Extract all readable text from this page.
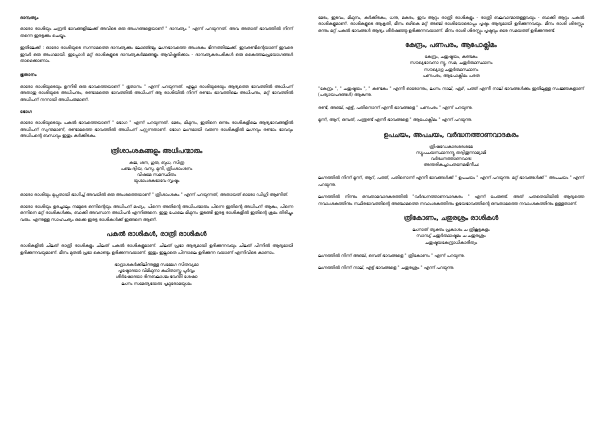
ദാമ്പത്യം

ഓരോ രാശിയും ചന്ദ്രൻ ഭാവങ്ങളിലേക്ക് അവിടെ ഒരു അംഗങ്ങളെയാണ് " ദാമ്പത്യം " എന്ന് പറയുന്നത്. അവ അതാത് ഭാവത്തിൽ നിന്ന് തന്നെ ഇരട്ടക്കും ചെയ്യും.

ഇതിലേക്ക് : ഓരോ രാശിയുടെ സന്നാമത്തെ ദാമ്പത്യക്കും ലോഞ്ഞ്ചു, ലഗ്നഭാവത്തെ അംശകം ഭിന്നത്തിലേക്ക്. ഇവരണ്ടിന്റെയാണ് ഇവരെ ഇവർ ഒരു അംഗമായി. ഇപ്പോൾ മറ്റ് രാശികളുടെ ദാമ്പത്യകർമ്മങ്ങളും ആവിഷ്കരിക്കാം - ദാമ്പത്യകരപടികൾ ഒരു കൈത്തലപ്രയോഗങ്ങൾ താഴെക്കാണാം.

ഭൂതാനം

ഓരോ രാശിയുടെയും ഉന്നിടി ഒരു ഭാവത്തെയാണ് " ഭൂതാനം " എന്ന് പറയുന്നത്. എല്ലാ രാശിയുടെയും ആദ്യത്തെ ഭാവത്തിൽ അധിപന് അതാതു രാശിയുടെ അധിപനും, രണ്ടാമത്തെ ഭാവത്തിൽ അധിപന് ആ രാശിയിൽ നിന്ന് രണ്ടാം ഭാവത്തിലെ അധിപനും, മറ്റ് ഭാവത്തിൽ അധിപന് നന്നായി അധിപരുമാണ്.

ഭോഗ

ഓരോ രാശിയുടെയും പകൽ ഭാവത്തെയാണ് " ഭോഗ " എന്ന് പറയുന്നത്. മേടം, മിഥുനം, ഇതിനെ ഒന്നും രാശികളിലെ ആദ്യഭാവങ്ങളിൽ അധിപന് സ്വന്തമാണ്, രണ്ടാമത്തെ ഭാവത്തിൽ അധിപന് പറ്റുന്നതാണ്. ഭോഗ ലഗ്നമായി വരുന്ന രാശികളിൽ ലഗ്നവും രണ്ടാം ഭാവവും അധിപന്റെ ബന്ധവും ഇതും കർക്കിടകം.

ത്രിശാംശകങ്ങളും അധിപന്മാരും
കജ, ശന, ഗുരു, ബുധ, സിത്ര
പഞ്ച ദ്വിയ, വസു, മുനി, ത്രിംശാംശനം
വിഷമേ സമസ്ഥിതം
യുഗ്മാംശകഭാവേ സൃഷ്ടം

ഓരോ രാശിയും മുപ്പതായി ഭാഗിച്ച് അവയിൽ ഒരു അംശത്തെയാണ് " ത്രിശാംശകം " എന്ന് പറയുന്നത്, അതായത് ഓരോ ഡിഗ്രി ആണിത്.

ഓരോ രാശിയും ഉരച്ചാലും നമ്മുടെ ഒന്നിന്റെയും അധിപന് മഹ്യം, പിന്നെ അതിന്റെ അധിപന്മാരും പിന്നെ ഇതിന്റെ അധിപന് ആകും, പിന്നെ ഒന്നിനെ മറ്റ് രാശികൾക്കും, ബാക്കി അവസാന അധിപൻ എന്നിങ്ങനെ. ഇതു പോലെ മിഥുനം തുടങ്ങി ഇരട്ട രാശികളിൽ ഇതിന്റെ ക്രമം തിരിച്ചും വരും. എന്നുള്ള സാഹചര്യം ഒക്കെ ഇരട്ട രാശികൾക്ക് ഇങ്ങനെ ആണ്.

പകൽ രാശികൾ, രാത്രി രാശികൾ

രാശികളിൽ ചിലത് രാത്രി രാശികളും ചിലത് പകൽ രാശികളുമാണ്. ചിലത് പ്രഭാ ആദ്യമായി ഉദിക്കുന്നവയും ചിലത് പിന്നിൽ ആദ്യമായി ഉദിക്കുന്നവയുമാണ്. മീനം മുതൽ പ്രഭാ കൊണ്ടും ഉദിക്കുന്നവയാണ്. ഇതും ഇല്ലാതെ പിന്നാലെ ഉദിക്കുന്ന വയാണ് എന്നിവിടെ കാണാം.

ഭാദ്രാശകർക്കിലിന്നുള്ള സമ്മേഗ സിതവ്യമാ
പൃഷ്ഠോദയാ വിമിഥുനാ കഥിതാസ്തു പൂർവ്വം
ശീർഷോദയാ ദിനബലാശ്ച ഭവന്തി ശേഷാ
ലഗ്നം സമേത്യഭയതഃ പൃഥുരോമയുഗ്മം

മേടം, ഇടവം, മിഥുനം, കർക്കിടകം, ധനു, മകരം, ഇവ ആറും രാത്രി രാശികളും - രാത്രി ബലവാന്മാരുള്ളവയും - ബാക്കി ആറും പകൽ രാശികളുമാണ്. രാശികളുടെ ആകൃതി, മീനം ഒഴികെ മറ്റ് അഞ്ച് രാശിയോടൊപ്പം പൃഷ്ഠം ആദ്യമായി ഉദിക്കുന്നവയും. മീനം രാശി ശിരസ്സും ഒന്നും മറ്റ് പകൽ ഭാവങ്ങൾ ആദ്യം ശീർഷഞ്ഞു ഉദിക്കുന്നവയാണ്. മീനം രാശി ശിരസ്സും പൃഷ്ഠവും ഒരേ സമയത്ത് ഉദിക്കുന്നുണ്ട്.

കേന്ദ്രം, പണപരം, ആപോക്ലിമം
കേന്ദ്രം, ചതുഷ്ടയം, കണ്ടകം
സൗഖ്യഭാവനാ ന്യൂ, സമ, ചതുർത്ഥസ്ഥാനം
സൗഖ്യാദ്ര ചതുർത്ഥസ്ഥാനം
പണപരം, ആപോക്ലിമം പരത

"കേന്ദ്രം ", " ചതുഷ്ടയം ", " കണ്ടകം " എന്നീ ഓരോന്നും, ലഗ്നം നാല്, ഏഴ്, പത്ത് എന്നീ നാല് ഭാവങ്ങൾക്കും ഇതിലുള്ള സംജ്ഞകളാണ് (പര്യായപദങ്ങൾ) ആകുന്നു.

രണ്ട്, അഞ്ച്, എട്ട്, പതിനൊന്ന് എന്നീ ഭാവങ്ങളെ " പണപരം " എന്ന് പറയുന്നു.

മൂന്ന്, ആറ്, ഒമ്പത്, പന്ത്രണ്ട് എന്നീ ഭാവങ്ങളെ " ആപോക്ലിമം " എന്ന് പറയുന്നു.

ഉപചയം, അപചയം, വർദ്ധനത്താണവാദകരം
ത്രിഷഡേകാദശദശമേ
സ്യൂപചയസ്ഥാനന്യൂ തദ്വിതൂന്നാമ്യാമി
വർദ്ധനത്താണവാദഃ
അന്തരികച്ചാപതനേമഭിനീചഃ

ലഗ്നത്തിൽ നിന്ന് മൂന്ന്, ആറ്, പത്ത്, പതിനൊന്ന് എന്നീ ഭാവങ്ങൾക്ക് " ഉപചയം " എന്ന് പറയുന്നു. മറ്റ് ഭാവങ്ങൾക്ക് " അപചയം " എന്ന് പറയുന്നു.

ലഗ്നത്തിൽ നിന്നും ഒമ്പതാമവാദകരത്തിൽ "വർദ്ധനത്താണവാദകരം " എന്ന് പേരുണ്ട്. അത് പതതെയിയിൽ ആദ്യത്തെ നവാംശകത്തിനും സ്ഥിരഭാവത്തിന്റെ അഞ്ചാമത്തെ നവാംശകത്തിനും ഉഭയഭാവത്തിന്റെ ഒമ്പതാമത്തെ നവാംശകത്തിനും ഉള്ളതാണ്.

ത്രികോണം, ചതുരശ്രം രാശികൾ
ലഗ്നാത് ത്യക്തം പ്രകാശം ച ത്രികൂട്ടകളം
സാമ്പ്യ് ചതുർത്ഥാഷ്ടമം ച ചതുരശ്രം
ചതുഷ്ടയകേന്ദ്രാധികാരീത്വം

ലഗ്നത്തിൽ നിന്ന് അഞ്ച്, ഒമ്പത് ഭാവങ്ങളെ " ത്രികോണം " എന്ന് പറയുന്നു.

ലഗ്നത്തിൽ നിന്ന് നാല്, എട്ട് ഭാവങ്ങളെ " ചതുരശ്രം " എന്ന് പറയുന്നു.
